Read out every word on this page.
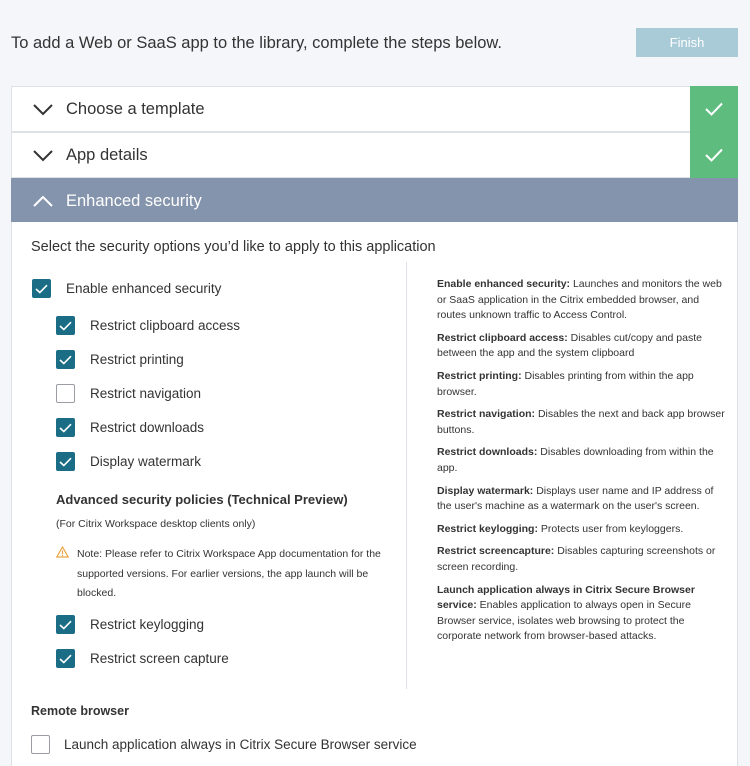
To add a Web or SaaS app to the library, complete the steps below.	Finish
Choose a template
App details
Enhanced security
Select the security options you’d like to apply to this application
Enable enhanced security
Restrict clipboard access
Restrict printing
Restrict navigation
Restrict downloads
Display watermark
Advanced security policies (Technical Preview)
(For Citrix Workspace desktop clients only)
Note: Please refer to Citrix Workspace App documentation for the supported versions. For earlier versions, the app launch will be blocked.
Restrict keylogging
Restrict screen capture

Enable enhanced security: Launches and monitors the web or SaaS application in the Citrix embedded browser, and routes unknown traffic to Access Control.

Restrict clipboard access: Disables cut/copy and paste between the app and the system clipboard

Restrict printing: Disables printing from within the app browser.

Restrict navigation: Disables the next and back app browser buttons.

Restrict downloads: Disables downloading from within the app.

Display watermark: Displays user name and IP address of the user's machine as a watermark on the user's screen.

Restrict keylogging: Protects user from keyloggers.

Restrict screencapture: Disables capturing screenshots or screen recording.

Launch application always in Citrix Secure Browser service: Enables application to always open in Secure Browser service, isolates web browsing to protect the corporate network from browser-based attacks.

Remote browser
Launch application always in Citrix Secure Browser service
